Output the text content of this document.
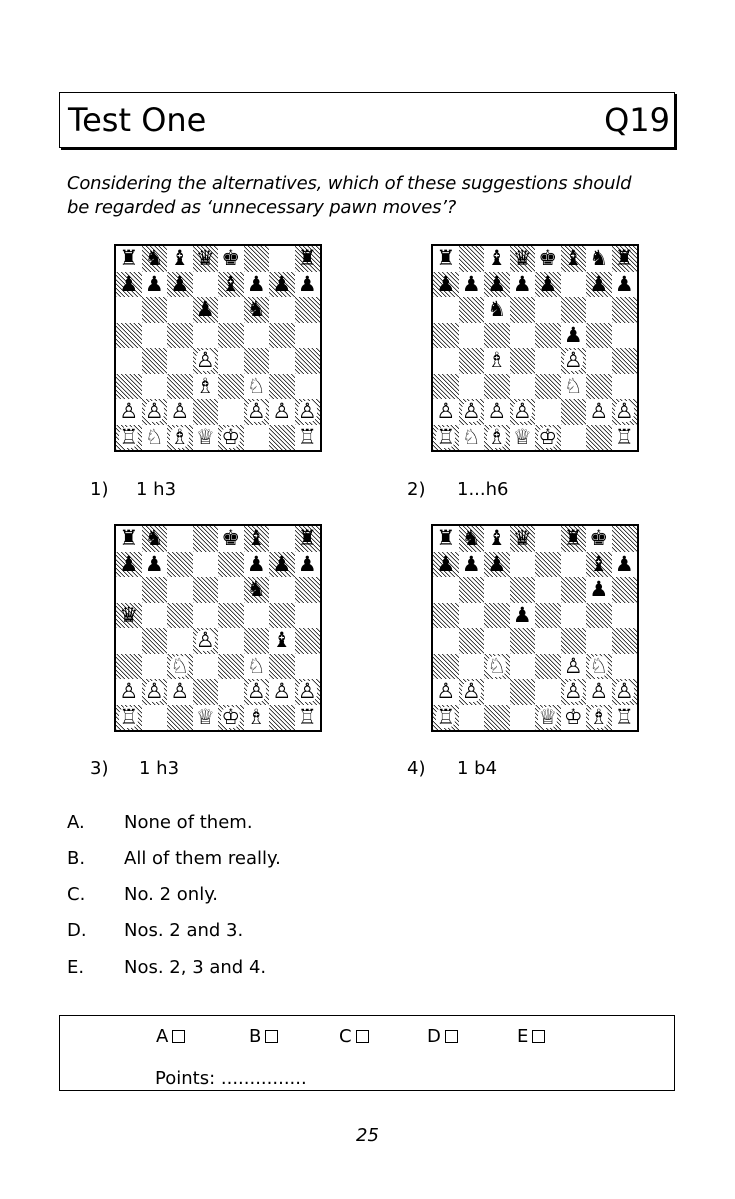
Test One	Q19
Considering the alternatives, which of these suggestions should
be regarded as ‘unnecessary pawn moves’?
♜ ♞ ♝ ♛ ♚	♜
♟ ♟ ♟ ♝ ♟ ♟ ♟
♟ ♞
♙
♗ ♘
♙ ♙ ♙	♙ ♙ ♙
♖ ♘ ♗ ♕ ♔	♖
♜ ♝ ♛ ♚ ♝ ♞ ♜
♟ ♟ ♟ ♟ ♟ ♟ ♟
♞
♟
♗	♙
♘
♙ ♙ ♙ ♙	♙ ♙
♖ ♘ ♗ ♕ ♔	♖
♜ ♞	♚ ♝ ♜
♟ ♟	♟ ♟ ♟
♞
♛
♙	♝
♘	♘
♙ ♙ ♙	♙ ♙ ♙
♖	♕ ♔ ♗ ♖
♜ ♞ ♝ ♛ ♜ ♚
♟ ♟ ♟	♝ ♟
♟
♟
♘	♙ ♘
♙ ♙	♙ ♙ ♙
♖	♕ ♔ ♗ ♖
1) 1 h3	2) 1...h6
3) 1 h3	4) 1 b4
A. None of them.
B. All of them really.
C. No. 2 only.
D. Nos. 2 and 3.
E. Nos. 2, 3 and 4.
A	B	C	D	E
Points: ...............
25
